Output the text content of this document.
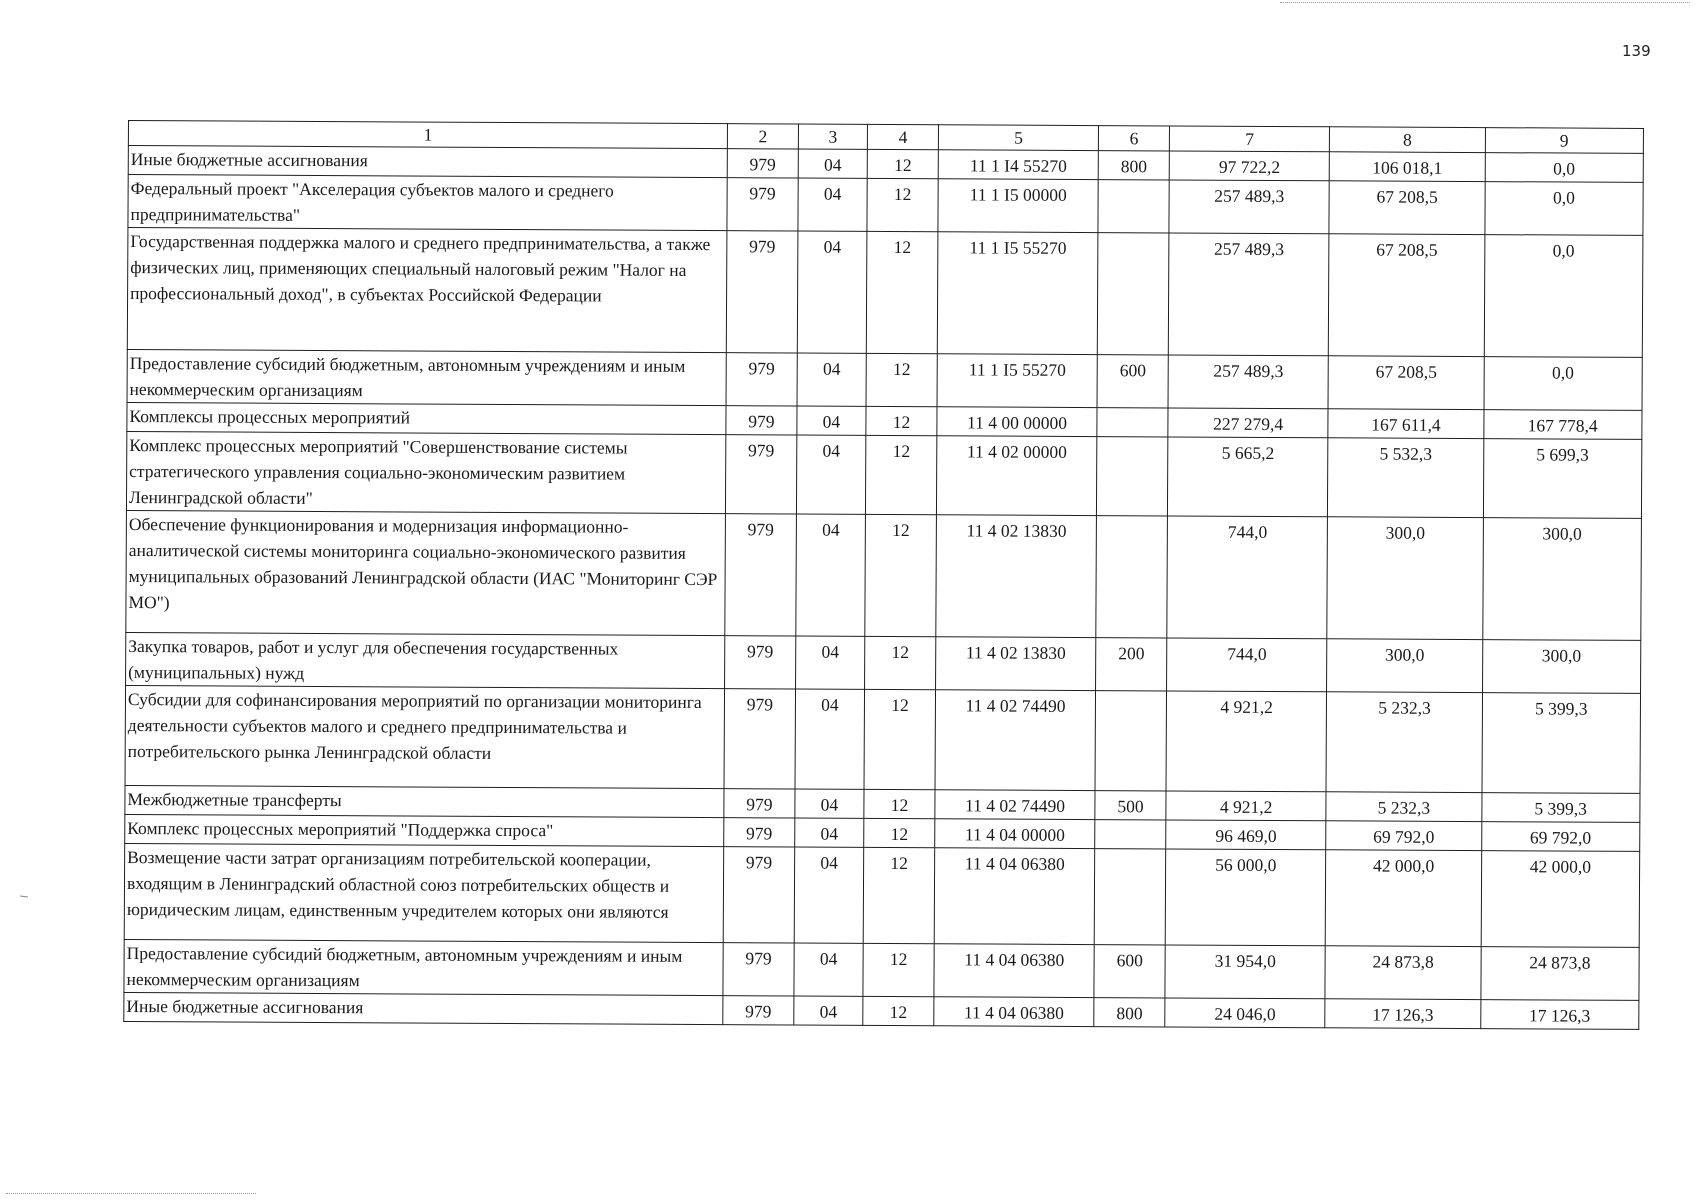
139
1	2	3	4	5	6	7	8	9
Иные бюджетные ассигнования	979	04	12	11 1 I4 55270	800	97 722,2	106 018,1	0,0
Федеральный проект "Акселерация субъектов малого и среднего предпринимательства"	979	04	12	11 1 I5 00000		257 489,3	67 208,5	0,0
Государственная поддержка малого и среднего предпринимательства, а также физических лиц, применяющих специальный налоговый режим "Налог на профессиональный доход", в субъектах Российской Федерации	979	04	12	11 1 I5 55270		257 489,3	67 208,5	0,0
Предоставление субсидий бюджетным, автономным учреждениям и иным некоммерческим организациям	979	04	12	11 1 I5 55270	600	257 489,3	67 208,5	0,0
Комплексы процессных мероприятий	979	04	12	11 4 00 00000		227 279,4	167 611,4	167 778,4
Комплекс процессных мероприятий "Совершенствование системы стратегического управления социально-экономическим развитием Ленинградской области"	979	04	12	11 4 02 00000		5 665,2	5 532,3	5 699,3
Обеспечение функционирования и модернизация информационно-аналитической системы мониторинга социально-экономического развития муниципальных образований Ленинградской области (ИАС "Мониторинг СЭР МО")	979	04	12	11 4 02 13830		744,0	300,0	300,0
Закупка товаров, работ и услуг для обеспечения государственных (муниципальных) нужд	979	04	12	11 4 02 13830	200	744,0	300,0	300,0
Субсидии для софинансирования мероприятий по организации мониторинга деятельности субъектов малого и среднего предпринимательства и потребительского рынка Ленинградской области	979	04	12	11 4 02 74490		4 921,2	5 232,3	5 399,3
Межбюджетные трансферты	979	04	12	11 4 02 74490	500	4 921,2	5 232,3	5 399,3
Комплекс процессных мероприятий "Поддержка спроса"	979	04	12	11 4 04 00000		96 469,0	69 792,0	69 792,0
Возмещение части затрат организациям потребительской кооперации, входящим в Ленинградский областной союз потребительских обществ и юридическим лицам, единственным учредителем которых они являются	979	04	12	11 4 04 06380		56 000,0	42 000,0	42 000,0
Предоставление субсидий бюджетным, автономным учреждениям и иным некоммерческим организациям	979	04	12	11 4 04 06380	600	31 954,0	24 873,8	24 873,8
Иные бюджетные ассигнования	979	04	12	11 4 04 06380	800	24 046,0	17 126,3	17 126,3
